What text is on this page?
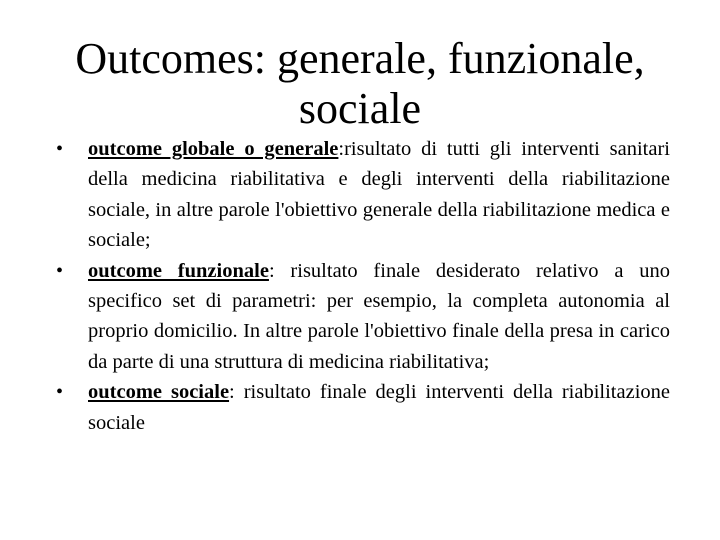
Outcomes: generale, funzionale, sociale
• outcome globale o generale:risultato di tutti gli interventi sanitari della medicina riabilitativa e degli interventi della riabilitazione sociale, in altre parole l'obiettivo generale della riabilitazione medica e sociale;
• outcome funzionale: risultato finale desiderato relativo a uno specifico set di parametri: per esempio, la completa autonomia al proprio domicilio. In altre parole l'obiettivo finale della presa in carico da parte di una struttura di medicina riabilitativa;
• outcome sociale: risultato finale degli interventi della riabilitazione sociale
